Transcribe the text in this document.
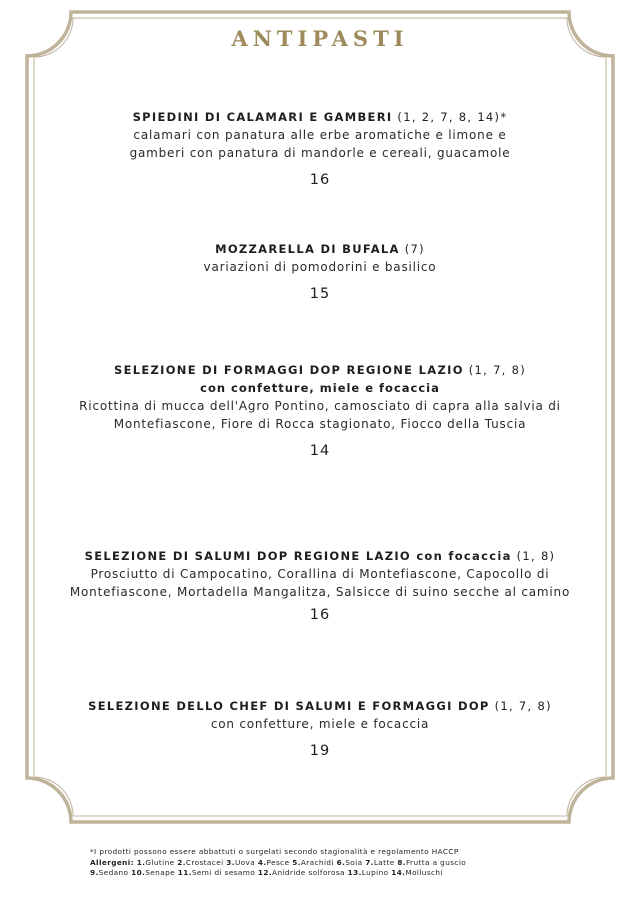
ANTIPASTI
SPIEDINI DI CALAMARI E GAMBERI (1, 2, 7, 8, 14)*
calamari con panatura alle erbe aromatiche e limone e
gamberi con panatura di mandorle e cereali, guacamole
16
MOZZARELLA DI BUFALA (7)
variazioni di pomodorini e basilico
15
SELEZIONE DI FORMAGGI DOP REGIONE LAZIO (1, 7, 8)
con confetture, miele e focaccia
Ricottina di mucca dell'Agro Pontino, camosciato di capra alla salvia di
Montefiascone, Fiore di Rocca stagionato, Fiocco della Tuscia
14
SELEZIONE DI SALUMI DOP REGIONE LAZIO con focaccia (1, 8)
Prosciutto di Campocatino, Corallina di Montefiascone, Capocollo di
Montefiascone, Mortadella Mangalitza, Salsicce di suino secche al camino
16
SELEZIONE DELLO CHEF DI SALUMI E FORMAGGI DOP (1, 7, 8)
con confetture, miele e focaccia
19
*I prodotti possono essere abbattuti o surgelati secondo stagionalità e regolamento HACCP
Allergeni: 1.Glutine 2.Crostacei 3.Uova 4.Pesce 5.Arachidi 6.Soia 7.Latte 8.Frutta a guscio
9.Sedano 10.Senape 11.Semi di sesamo 12.Anidride solforosa 13.Lupino 14.Molluschi
